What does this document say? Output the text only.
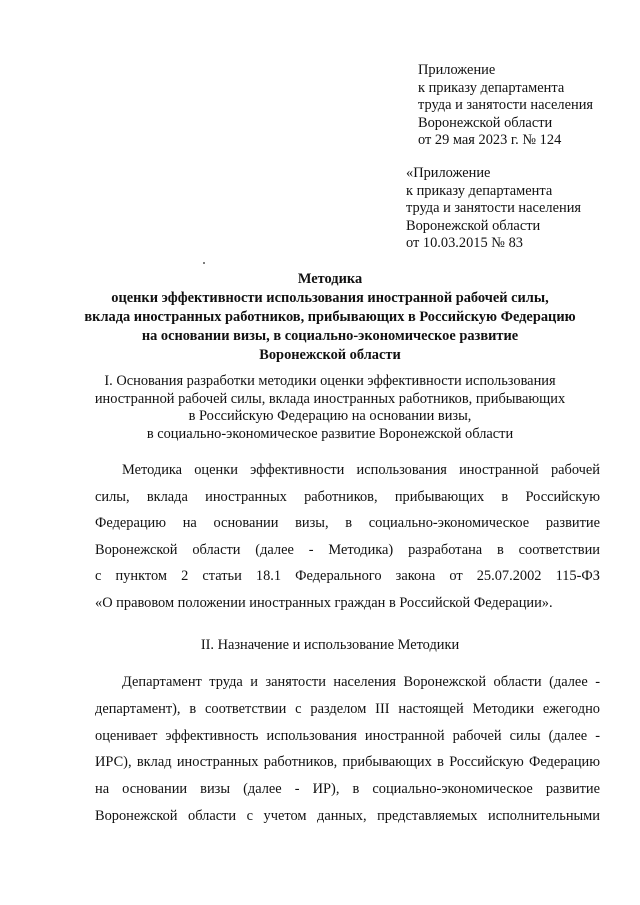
Приложение
к приказу департамента
труда и занятости населения
Воронежской области
от 29 мая 2023 г. № 124
«Приложение
к приказу департамента
труда и занятости населения
Воронежской области
от 10.03.2015 № 83
Методика
оценки эффективности использования иностранной рабочей силы,
вклада иностранных работников, прибывающих в Российскую Федерацию
на основании визы, в социально-экономическое развитие
Воронежской области
I. Основания разработки методики оценки эффективности использования
иностранной рабочей силы, вклада иностранных работников, прибывающих
в Российскую Федерацию на основании визы,
в социально-экономическое развитие Воронежской области
Методика оценки эффективности использования иностранной рабочей
силы, вклада иностранных работников, прибывающих в Российскую
Федерацию на основании визы, в социально-экономическое развитие
Воронежской области (далее - Методика) разработана в соответствии
с пунктом 2 статьи 18.1 Федерального закона от 25.07.2002 115-ФЗ
«О правовом положении иностранных граждан в Российской Федерации».
II. Назначение и использование Методики
Департамент труда и занятости населения Воронежской области (далее -
департамент), в соответствии с разделом III настоящей Методики ежегодно
оценивает эффективность использования иностранной рабочей силы (далее -
ИРС), вклад иностранных работников, прибывающих в Российскую Федерацию
на основании визы (далее - ИР), в социально-экономическое развитие
Воронежской области с учетом данных, представляемых исполнительными
